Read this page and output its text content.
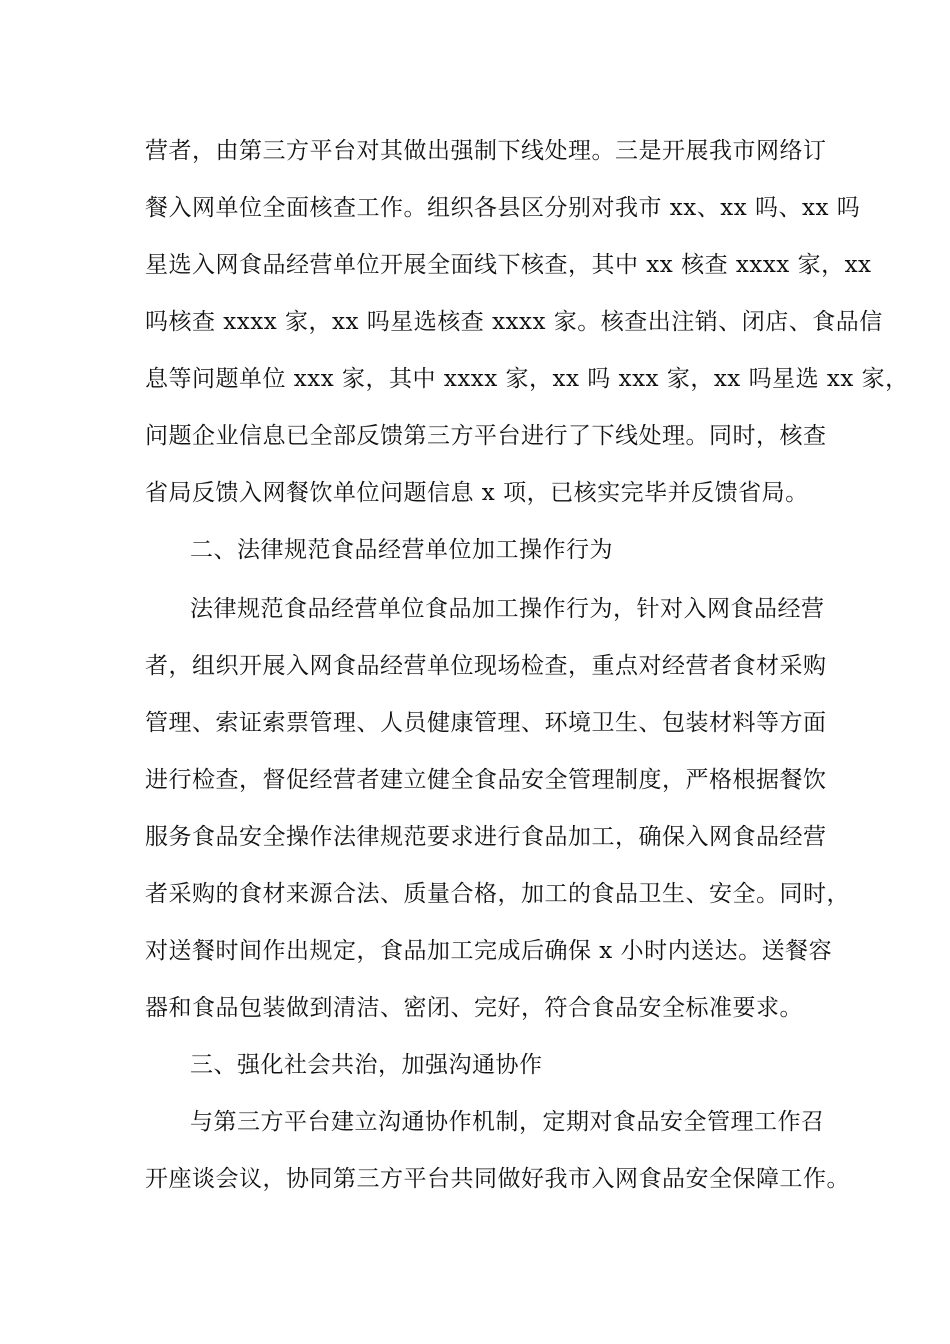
营者，由第三方平台对其做出强制下线处理。三是开展我市网络订
餐入网单位全面核查工作。组织各县区分别对我市 xx、xx 吗、xx 吗
星选入网食品经营单位开展全面线下核查，其中 xx 核查 xxxx 家，xx
吗核查 xxxx 家，xx 吗星选核查 xxxx 家。核查出注销、闭店、食品信
息等问题单位 xxx 家，其中 xxxx 家，xx 吗 xxx 家，xx 吗星选 xx 家，
问题企业信息已全部反馈第三方平台进行了下线处理。同时，核查
省局反馈入网餐饮单位问题信息 x 项，已核实完毕并反馈省局。
二、法律规范食品经营单位加工操作行为
法律规范食品经营单位食品加工操作行为，针对入网食品经营
者，组织开展入网食品经营单位现场检查，重点对经营者食材采购
管理、索证索票管理、人员健康管理、环境卫生、包装材料等方面
进行检查，督促经营者建立健全食品安全管理制度，严格根据餐饮
服务食品安全操作法律规范要求进行食品加工，确保入网食品经营
者采购的食材来源合法、质量合格，加工的食品卫生、安全。同时，
对送餐时间作出规定，食品加工完成后确保 x 小时内送达。送餐容
器和食品包装做到清洁、密闭、完好，符合食品安全标准要求。
三、强化社会共治，加强沟通协作
与第三方平台建立沟通协作机制，定期对食品安全管理工作召
开座谈会议，协同第三方平台共同做好我市入网食品安全保障工作。
